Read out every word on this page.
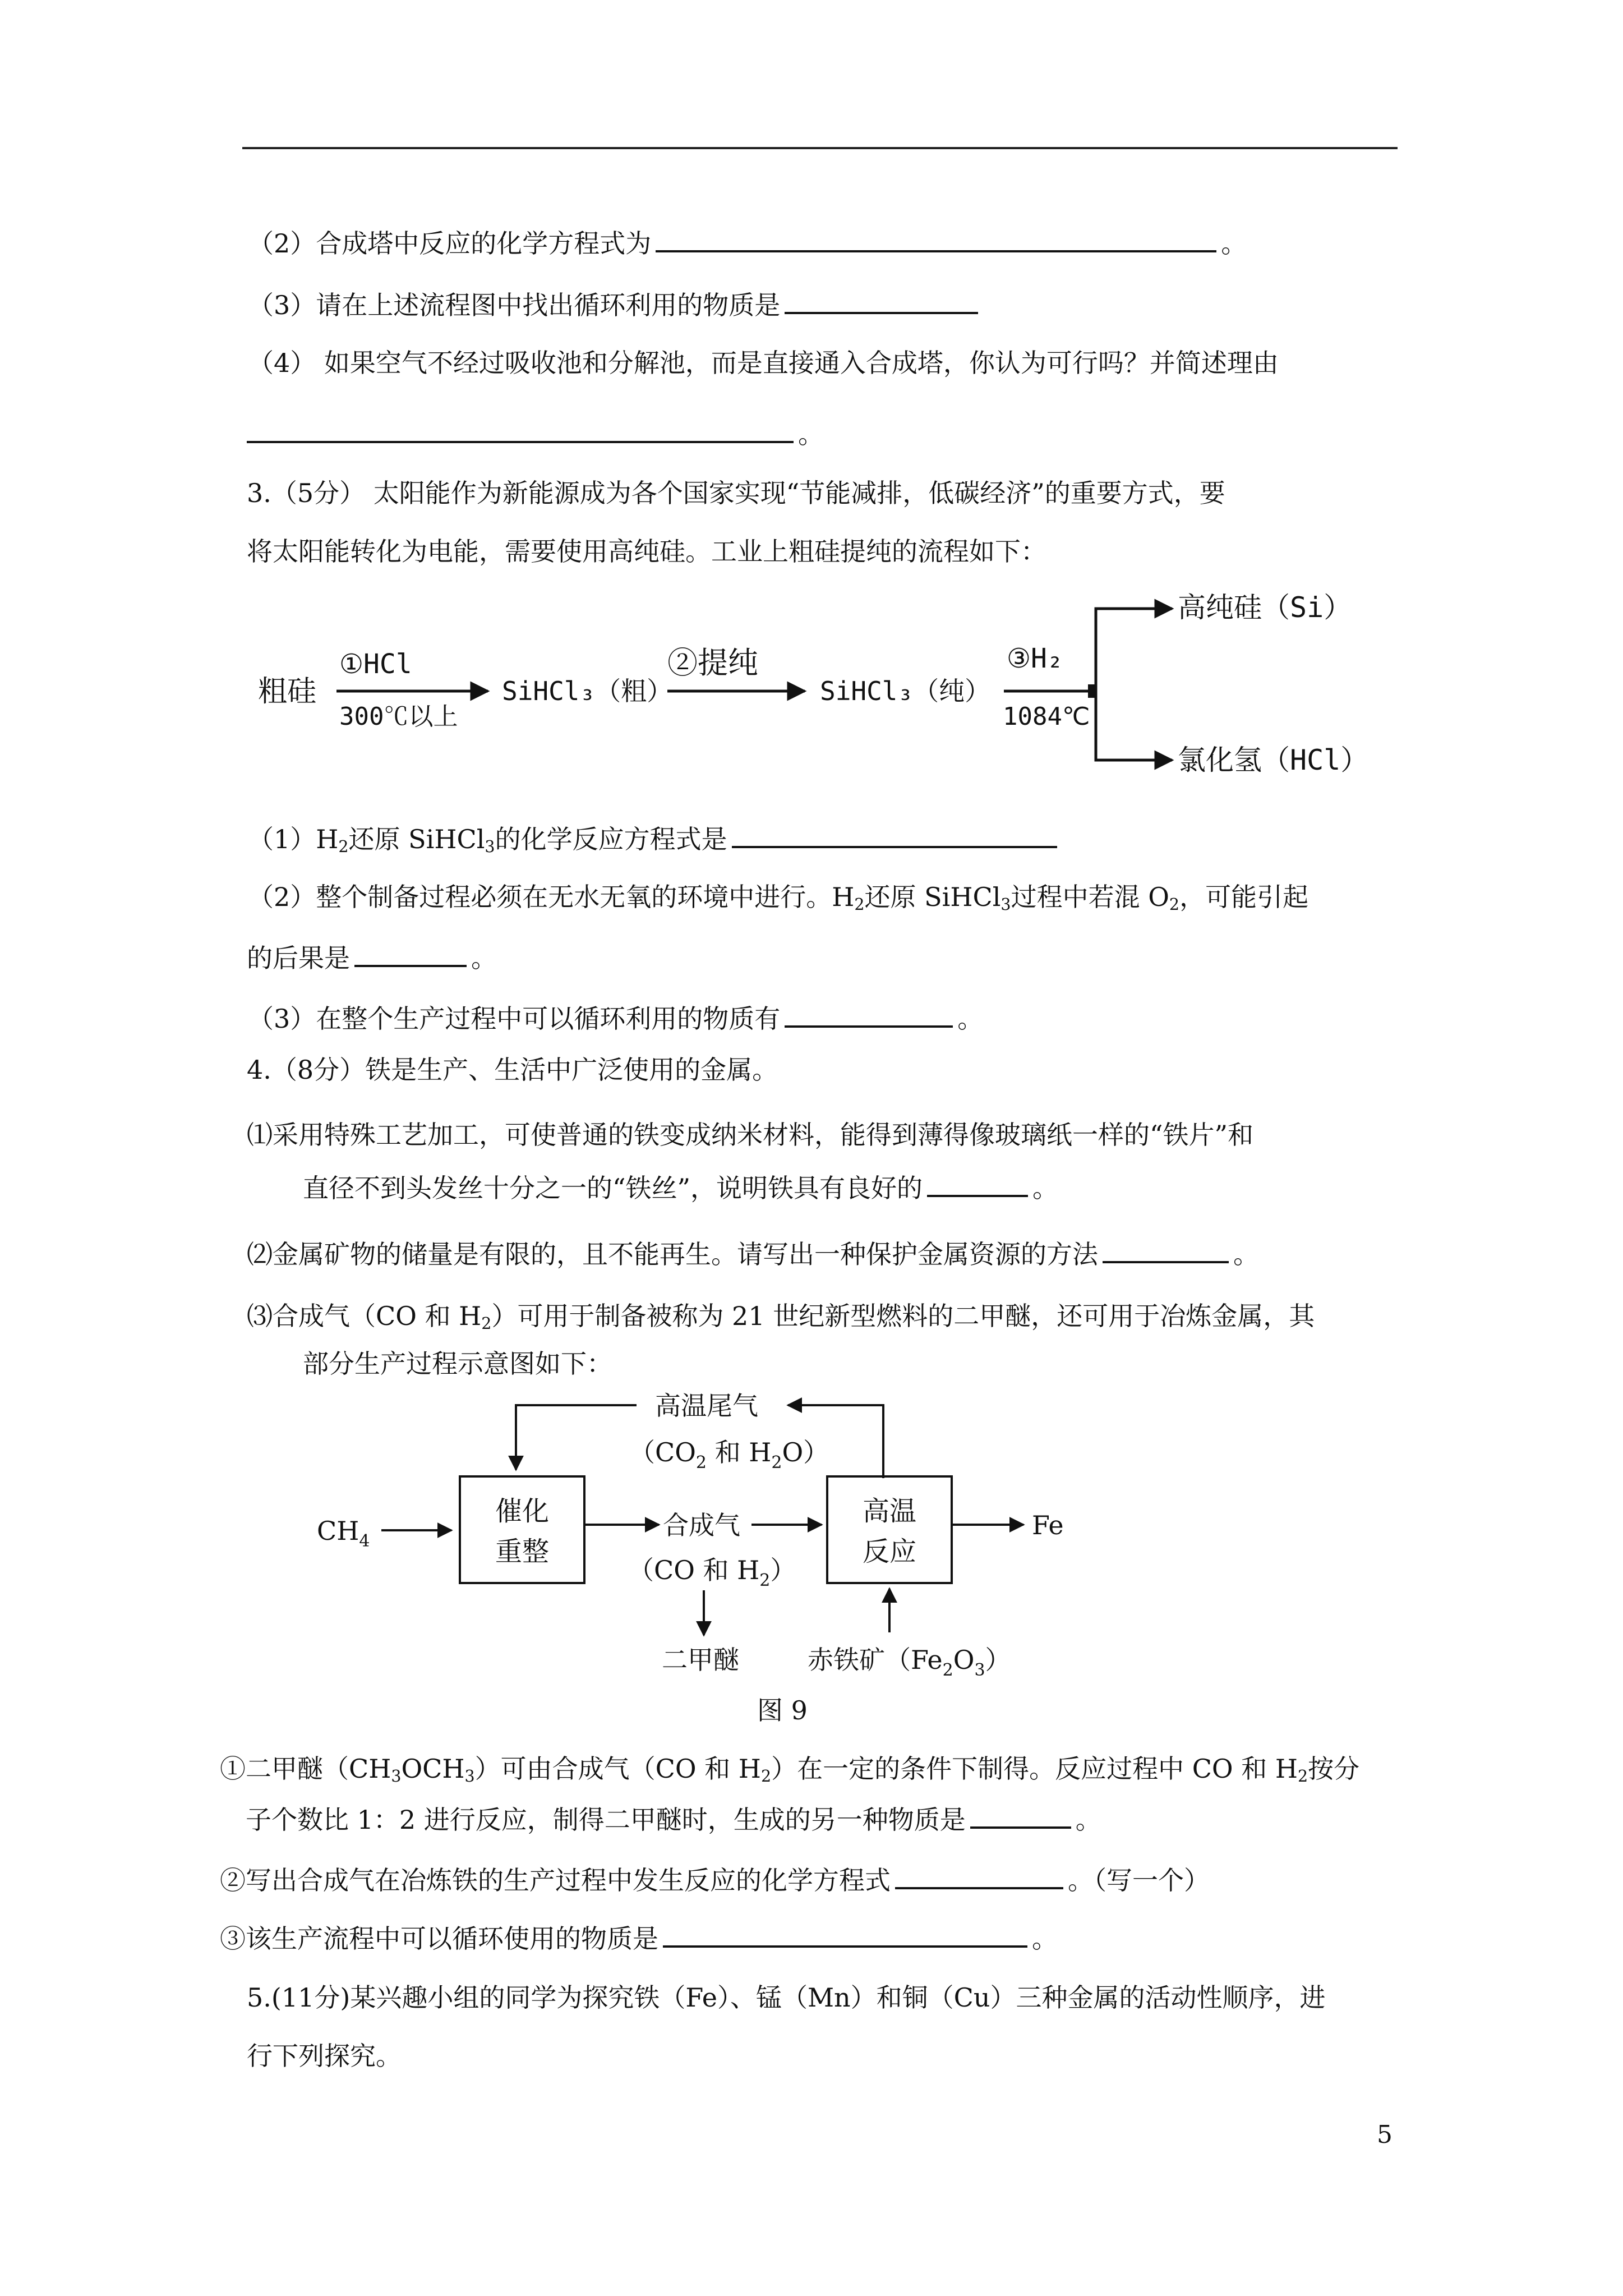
（2）合成塔中反应的化学方程式为	。
（3）请在上述流程图中找出循环利用的物质是
（4） 如果空气不经过吸收池和分解池，而是直接通入合成塔，你认为可行吗？并简述理由
。
3.（5分） 太阳能作为新能源成为各个国家实现“节能减排，低碳经济”的重要方式，要
将太阳能转化为电能，需要使用高纯硅。工业上粗硅提纯的流程如下：
$(1)H_2$还原 SiHCl$_3$的化学反应方程式是
（2）整个制备过程必须在无水无氧的环境中进行。$H_2$还原 SiHCl$_3$过程中若混 $O_2$，可能引起
的后果是	。
（3）在整个生产过程中可以循环利用的物质有	。
4.（8分）铁是生产、生活中广泛使用的金属。
⑴采用特殊工艺加工，可使普通的铁变成纳米材料，能得到薄得像玻璃纸一样的“铁片”和
直径不到头发丝十分之一的“铁丝”，说明铁具有良好的	。
⑵金属矿物的储量是有限的，且不能再生。请写出一种保护金属资源的方法	。
⑶合成气（CO 和 $H_2$）可用于制备被称为 21 世纪新型燃料的二甲醚，还可用于冶炼金属，其
部分生产过程示意图如下：
①二甲醚$(CH_3OCH_3)$可由合成气（CO 和 $H_2$）在一定的条件下制得。反应过程中 CO 和 $H_2$按分
子个数比 1：2 进行反应，制得二甲醚时，生成的另一种物质是	。
②写出合成气在冶炼铁的生产过程中发生反应的化学方程式	。（写一个）
③该生产流程中可以循环使用的物质是	。
5.(11分)某兴趣小组的同学为探究铁（Fe）、锰（Mn）和铜（Cu）三种金属的活动性顺序，进
行下列探究。
5
粗硅
①HCl
300℃以上
SiHCl₃（粗）
②提纯
SiHCl₃（纯）
③H₂
1084℃
高纯硅（Si）
氯化氢（HCl）
高温尾气
（$CO_2$ 和 $H_2O$）
$CH_4$
催化
重整
合成气
（CO 和 $H_2$）
二甲醚
高温
反应
Fe
赤铁矿$(Fe_2O_3)$
图 9
